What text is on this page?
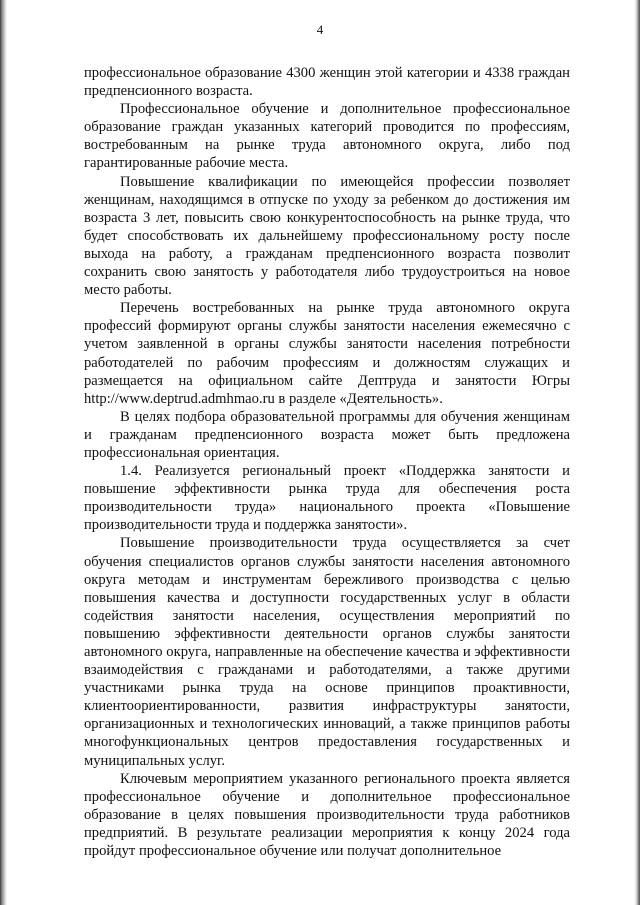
4

профессиональное образование 4300 женщин этой категории и 4338 граждан предпенсионного возраста.

Профессиональное обучение и дополнительное профессиональное образование граждан указанных категорий проводится по профессиям, востребованным на рынке труда автономного округа, либо под гарантированные рабочие места.

Повышение квалификации по имеющейся профессии позволяет женщинам, находящимся в отпуске по уходу за ребенком до достижения им возраста 3 лет, повысить свою конкурентоспособность на рынке труда, что будет способствовать их дальнейшему профессиональному росту после выхода на работу, а гражданам предпенсионного возраста позволит сохранить свою занятость у работодателя либо трудоустроиться на новое место работы.

Перечень востребованных на рынке труда автономного округа профессий формируют органы службы занятости населения ежемесячно с учетом заявленной в органы службы занятости населения потребности работодателей по рабочим профессиям и должностям служащих и размещается на официальном сайте Дептруда и занятости Югры http://www.deptrud.admhmao.ru в разделе «Деятельность».

В целях подбора образовательной программы для обучения женщинам и гражданам предпенсионного возраста может быть предложена профессиональная ориентация.

1.4. Реализуется региональный проект «Поддержка занятости и повышение эффективности рынка труда для обеспечения роста производительности труда» национального проекта «Повышение производительности труда и поддержка занятости».

Повышение производительности труда осуществляется за счет обучения специалистов органов службы занятости населения автономного округа методам и инструментам бережливого производства с целью повышения качества и доступности государственных услуг в области содействия занятости населения, осуществления мероприятий по повышению эффективности деятельности органов службы занятости автономного округа, направленные на обеспечение качества и эффективности взаимодействия с гражданами и работодателями, а также другими участниками рынка труда на основе принципов проактивности, клиентоориентированности, развития инфраструктуры занятости, организационных и технологических инноваций, а также принципов работы многофункциональных центров предоставления государственных и муниципальных услуг.

Ключевым мероприятием указанного регионального проекта является профессиональное обучение и дополнительное профессиональное образование в целях повышения производительности труда работников предприятий. В результате реализации мероприятия к концу 2024 года пройдут профессиональное обучение или получат дополнительное
